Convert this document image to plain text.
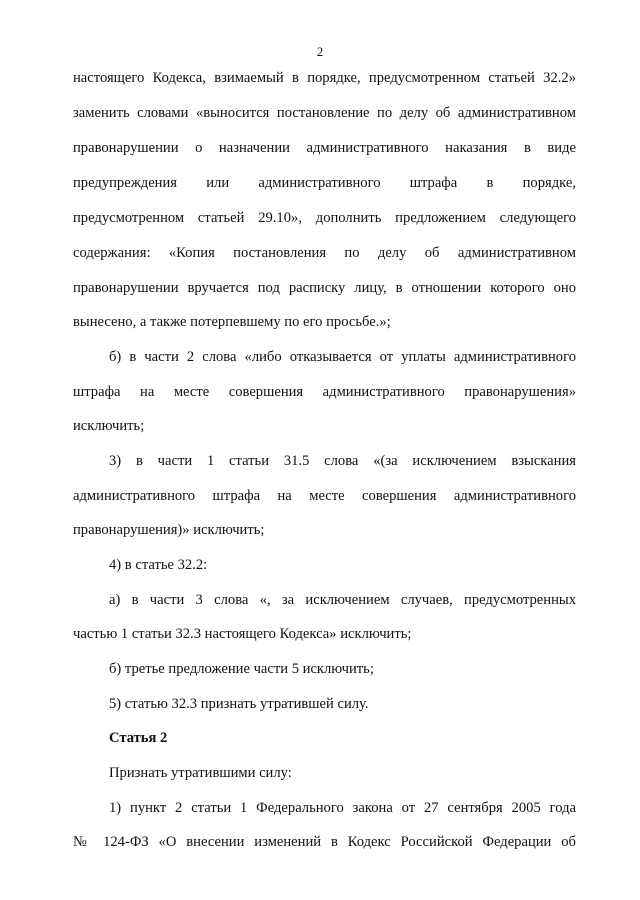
2
настоящего Кодекса, взимаемый в порядке, предусмотренном статьей 32.2»
заменить словами «выносится постановление по делу об административном
правонарушении о назначении административного наказания в виде
предупреждения или административного штрафа в порядке,
предусмотренном статьей 29.10», дополнить предложением следующего
содержания: «Копия постановления по делу об административном
правонарушении вручается под расписку лицу, в отношении которого оно
вынесено, а также потерпевшему по его просьбе.»;
б) в части 2 слова «либо отказывается от уплаты административного
штрафа на месте совершения административного правонарушения»
исключить;
3) в части 1 статьи 31.5 слова «(за исключением взыскания
административного штрафа на месте совершения административного
правонарушения)» исключить;
4) в статье 32.2:
а) в части 3 слова «, за исключением случаев, предусмотренных
частью 1 статьи 32.3 настоящего Кодекса» исключить;
б) третье предложение части 5 исключить;
5) статью 32.3 признать утратившей силу.
Статья 2
Признать утратившими силу:
1) пункт 2 статьи 1 Федерального закона от 27 сентября 2005 года
№ 124-ФЗ «О внесении изменений в Кодекс Российской Федерации об
